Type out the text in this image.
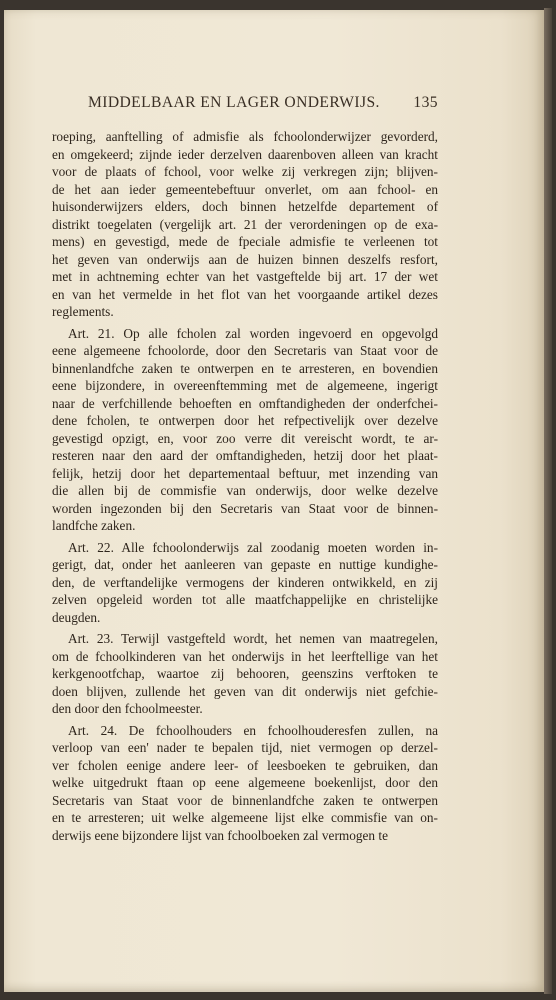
MIDDELBAAR EN LAGER ONDERWIJS. 135
roeping, aanftelling of admisfie als fchoolonderwijzer gevorderd,
en omgekeerd; zijnde ieder derzelven daarenboven alleen van kracht
voor de plaats of fchool, voor welke zij verkregen zijn; blijven-
de het aan ieder gemeentebeftuur onverlet, om aan fchool- en
huisonderwijzers elders, doch binnen hetzelfde departement of
distrikt toegelaten (vergelijk art. 21 der verordeningen op de exa-
mens) en gevestigd, mede de fpeciale admisfie te verleenen tot
het geven van onderwijs aan de huizen binnen deszelfs resfort,
met in achtneming echter van het vastgeftelde bij art. 17 der wet
en van het vermelde in het flot van het voorgaande artikel dezes
reglements.
Art. 21. Op alle fcholen zal worden ingevoerd en opgevolgd
eene algemeene fchoolorde, door den Secretaris van Staat voor de
binnenlandfche zaken te ontwerpen en te arresteren, en bovendien
eene bijzondere, in overeenftemming met de algemeene, ingerigt
naar de verfchillende behoeften en omftandigheden der onderfchei-
dene fcholen, te ontwerpen door het refpectivelijk over dezelve
gevestigd opzigt, en, voor zoo verre dit vereischt wordt, te ar-
resteren naar den aard der omftandigheden, hetzij door het plaat-
felijk, hetzij door het departementaal beftuur, met inzending van
die allen bij de commisfie van onderwijs, door welke dezelve
worden ingezonden bij den Secretaris van Staat voor de binnen-
landfche zaken.
Art. 22. Alle fchoolonderwijs zal zoodanig moeten worden in-
gerigt, dat, onder het aanleeren van gepaste en nuttige kundighe-
den, de verftandelijke vermogens der kinderen ontwikkeld, en zij
zelven opgeleid worden tot alle maatfchappelijke en christelijke
deugden.
Art. 23. Terwijl vastgefteld wordt, het nemen van maatregelen,
om de fchoolkinderen van het onderwijs in het leerftellige van het
kerkgenootfchap, waartoe zij behooren, geenszins verftoken te
doen blijven, zullende het geven van dit onderwijs niet gefchie-
den door den fchoolmeester.
Art. 24. De fchoolhouders en fchoolhouderesfen zullen, na
verloop van een' nader te bepalen tijd, niet vermogen op derzel-
ver fcholen eenige andere leer- of leesboeken te gebruiken, dan
welke uitgedrukt ftaan op eene algemeene boekenlijst, door den
Secretaris van Staat voor de binnenlandfche zaken te ontwerpen
en te arresteren; uit welke algemeene lijst elke commisfie van on-
derwijs eene bijzondere lijst van fchoolboeken zal vermogen te
